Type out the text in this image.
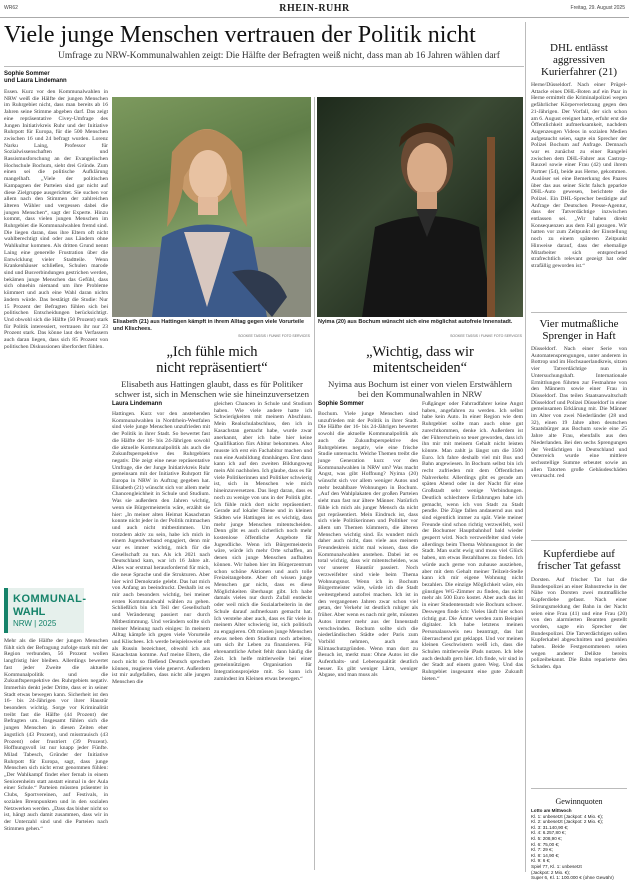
WR62	RHEIN-RUHR	Freitag, 29. August 2025
Viele junge Menschen vertrauen der Politik nicht
Umfrage zu NRW-Kommunalwahlen zeigt: Die Hälfte der Befragten weiß nicht, dass man ab 16 Jahren wählen darf
Sophie Sommer
und Laura Lindemann
Essen. Kurz vor den Kommunalwahlen in NRW weiß die Hälfte der jungen Menschen im Ruhrgebiet nicht, dass man bereits ab 16 Jahren seine Stimme abgeben darf. Das zeigt eine repräsentative Civey-Umfrage des Jungen Initiativkreis Ruhr und der Initiative Ruhrpott für Europa, für die 500 Menschen zwischen 16 und 24 befragt wurden. Lorenz Narku Laing, Professor für Sozialwissenschaften und Rassismusforschung an der Evangelischen Hochschule Bochum, sieht drei Gründe. Zum einen sei die politische Aufklärung mangelhaft. „Viele der politischen Kampagnen der Parteien sind gar nicht auf diese Zielgruppe ausgerichtet. Sie suchen vor allem nach den Stimmen der zahlreichen älteren Wähler und vergessen dabei die jungen Menschen“, sagt der Experte. Hinzu kommt, dass vielen jungen Menschen im Ruhrgebiet die Kommunalwahlen fremd sind. Die liegen daran, dass ihre Eltern oft nicht wahlberechtigt sind oder aus Ländern ohne Wahlkultur kommen. Als dritten Grund nennt Laing eine generelle Frustration über die Entwicklung vieler Stadtteile. Wenn Krankenhäuser schließen, Schulen marode sind und Busverbindungen gestrichen werden, bekämen junge Menschen das Gefühl, dass sich ohnehin niemand um ihre Probleme kümmert und auch eine Wahl daran nichts ändern würde. Das bestätigt die Studie: Nur 15 Prozent der Befragten fühlen sich bei politischen Entscheidungen berücksichtigt. Und obwohl sich die Hälfte (50 Prozent) stark für Politik interessiert, vertrauen ihr nur 23 Prozent stark. Das könne laut den Verfassern auch daran liegen, dass sich 85 Prozent von politischen Diskussionen überfordert fühlen.
KOMMUNAL-
WAHL
NRW | 2025
Mehr als die Hälfte der jungen Menschen fühlt sich der Befragung zufolge stark mit der Region verbunden, 56 Prozent wollen langfristig hier bleiben. Allerdings bewertet fast jeder Zweite die aktuelle Kommunalpolitik und die Zukunftsperspektive des Ruhrgebiets negativ. Immerhin denkt jeder Dritte, dass er in seiner Stadt etwas bewegen kann. Sicherheit ist den 16- bis 24-Jährigen vor ihrer Haustür besonders wichtig. Sorge vor Kriminalität treibt fast die Hälfte (44 Prozent) der Befragten um. Insgesamt fühlen sich die jungen Menschen in diesen Zeiten eher ängstlich (43 Prozent), und misstrauisch (43 Prozent) oder frustriert (39 Prozent). Hoffnungsvoll ist nur knapp jeder Fünfte. Milad Tabesch, Gründer der Initiative Ruhrpott für Europa, sagt, dass junge Menschen sich nicht ernst genommen fühlen: „Der Wahlkampf findet eher fernab in einem Seniorenheim statt anstatt einmal in der Aula einer Schule.“ Parteien müssten präsenter in Clubs, Sportvereinen, auf Festivals, in sozialen Brennpunkten und in den sozialen Netzwerken werden. „Dass das bisher nicht so ist, hängt auch damit zusammen, dass wir in der Unterzahl sind und die Parteien nach Stimmen gehen.“
Elisabeth (21) aus Hattingen kämpft in ihrem Alltag gegen viele Vorurteile und Klischees.
SOOKEE TASSIS / FUNKE FOTO SERVICES
Nyima (20) aus Bochum wünscht sich eine möglichst autofreie Innenstadt.
SOOKEE TASSIS / FUNKE FOTO SERVICES
„Ich fühle mich
nicht repräsentiert“
Elisabeth aus Hattingen glaubt, dass es für Politiker
schwer ist, sich in Menschen wie sie hineinzuversetzen
„Wichtig, dass wir
mitentscheiden“
Nyima aus Bochum ist einer von vielen Erstwählern
bei den Kommunalwahlen in NRW
Laura Lindemann
Hattingen. Kurz vor den anstehenden Kommunalwahlen in Nordrhein-Westfalen sind viele junge Menschen unzufrieden mit der Politik in ihrer Stadt. So bewertet fast die Hälfte der 16- bis 24-Jährigen sowohl die aktuelle Kommunalpolitik als auch die Zukunftsperspektive des Ruhrgebiets negativ. Die zeigt eine neue repräsentative Umfrage, die der Junge Initiativkreis Ruhr gemeinsam mit der Initiative Ruhrpott für Europa in NRW in Auftrag gegeben hat. Elisabeth (21) wünscht sich vor allem mehr Chancengleichheit in Schule und Studium. Was sie außerdem den Jahren wichtig, wenn sie Bürgermeisterin wäre, erzählt sie hier: „In meiner alten Heimat Kasachstan konnte nicht jeder in der Politik mitmachen und auch nicht mitbestimmen. Um trotzdem aktiv zu sein, habe ich mich in einem Jugendverband engagiert, denn mir war es immer wichtig, mich für die Gesellschaft zu tun. Als ich 2021 nach Deutschland kam, war ich 16 Jahre alt. Alles war erstmal herausfordernd für mich, die neue Sprache und die Strukturen. Aber hier wird Demokratie gelebt. Das hat mich von Anfang an beeindruckt. Deshalb ist es mir auch besonders wichtig, bei meiner ersten Kommunalwahl wählen zu gehen. Schließlich bin ich Teil der Gesellschaft und Veränderung passiert nur durch Mitbestimmung. Und verändern sollte sich meiner Meinung nach einiges: In meinem Alltag kämpfe ich gegen viele Vorurteile und Klischees. Ich werde beispielsweise oft als Russin bezeichnet, obwohl ich aus Kasachstan komme. Auf meine Eltern, die noch nicht so fließend Deutsch sprechen können, reagieren viele genervt. Außerdem ist mir aufgefallen, dass nicht alle jungen Menschen die
gleichen Chancen in Schule und Studium haben. Wie viele andere hatte ich Schwierigkeiten mit meinem Abschluss. Mein Realschulabschluss, den ich in Kasachstan gemacht habe, wurde zwar anerkannt, aber ich habe hier keine Qualifikation fürs Abitur bekommen. Also musste ich erst ein Fachabitur machen und nun eine Ausbildung dranhängen. Erst dann kann ich auf den zweiten Bildungsweg mein Abi nachholen. Ich glaube, dass es für viele Politikerinnen und Politiker schwierig ist, sich in Menschen wie mich hineinzuversetzen. Das liegt daran, dass es noch zu wenige von uns in der Politik gibt. Ich fühle mich dort nicht repräsentiert. Gerade auf lokaler Ebene und in kleinen Städten wie Hattingen ist es wichtig, dass mehr junge Menschen mitentscheiden. Denn gibt es auch sicherlich noch mehr kostenlose öffentliche Angebote für Jugendliche. Wenn ich Bürgermeisterin wäre, würde ich mehr Orte schaffen, an denen sich junge Menschen aufhalten können. Wir haben hier im Bürgerzentrum schon schöne Aktionen und auch tolle Freizeitangebote. Aber oft wissen junge Menschen gar nicht, dass es diese Möglichkeiten überhaupt gibt. Ich habe damals vieles nur durch Zufall entdeckt oder weil mich die Sozialarbeiterin in der Schule darauf aufmerksam gemacht hat. Ich verstehe aber auch, dass es für viele in meinem Alter schwierig ist, sich politisch zu engagieren. Oft müssen junge Menschen etwas neben dem Studium noch arbeiten, um sich ihr Leben zu finanzieren. Für ehrenamtliche Arbeit fehlt dann häufig die Zeit. Ich helfe mittlerweile bei einer gemeinnützigen Organisation für Integrationsprojekte mit. So kann ich zumindest im Kleinen etwas bewegen.“
Sophie Sommer
Bochum. Viele junge Menschen sind unzufrieden mit der Politik in ihrer Stadt. Die Hälfte der 16- bis 24-Jährigen bewertet sowohl die aktuelle Kommunalpolitik als auch die Zukunftsperspektive des Ruhrgebietes negativ, wie eine frische Studie untersucht. Welche Themen treibt die junge Generation kurz vor den Kommunalwahlen in NRW um? Was macht Angst, was gibt Hoffnung? Nyima (20) wünscht sich vor allem weniger Autos und mehr bezahlbare Wohnungen in Bochum. „Auf den Wahlplakaten der großen Parteien sieht man fast nur ältere Männer. Natürlich fühle ich mich als junger Mensch da nicht gut repräsentiert. Mein Eindruck ist, dass sich viele Politikerinnen und Politiker vor allem um Themen kümmern, die älteren Menschen wichtig sind. Es wundert mich daher auch nicht, dass viele aus meinem Freundeskreis nicht mal wissen, dass die Kommunalwahlen anstehen. Dabei ist es total wichtig, dass wir mitentscheiden, was vor unserer Haustür passiert. Noch verzweifelter sind viele beim Thema Wohnungsnot. Wenn ich in Bochum Bürgermeister wäre, würde ich die Stadt weitestgehend autofrei machen. Ich ist in den vergangenen Jahren zwar schon viel getan, der Verkehr ist deutlich ruhiger als früher. Aber wenn es nach mir geht, müssten Autos immer mehr aus der Innenstadt verschwinden. Bochum sollte sich die niederländischen Städte oder Paris zum Vorbild nehmen, auch aus Klimaschutzgründen. Wenn man dort zu Besuch ist, merkt man: Ohne Autos ist die Aufenthalts- und Lebensqualität deutlich besser. Es gibt weniger Lärm, weniger Abgase, und man muss als
Fußgänger oder Fahrradfahrer keine Angst haben, angefahren zu werden. Ich selbst habe kein Auto. In einer Region wie dem Ruhrgebiet sollte man auch ohne gut zurechtkommen, denke ich. Außerdem ist der Führerschein so teuer geworden, dass ich ihn mir mit meinem Gehalt nicht leisten könnte. Man zahlt ja längst um die 3500 Euro. Ich fahre deshalb viel mit Bus und Bahn angewiesen. In Bochum selbst bin ich recht zufrieden mit dem Öffentlichen Nahverkehr. Allerdings gibt es gerade am späten Abend oder in der Nacht für eine Großstadt sehr wenige Verbindungen. Deutlich schlechtere Erfahrungen habe ich gemacht, wenn ich von Stadt zu Stadt pendle. Die Züge fallen andauernd aus und sind eigentlich immer zu spät. Viele meiner Freunde sind schon richtig verzweifelt, weil der Bochumer Hauptbahnhof bald wieder gesperrt wird. Noch verzweifelter sind viele allerdings beim Thema Wohnungsnot in der Stadt. Man sucht ewig und muss viel Glück haben, um etwas Bezahlbares zu finden. Ich würde auch gerne von zuhause ausziehen, aber mit dem Gehalt meiner Teilzeit-Stelle kann ich mir eigene Wohnung nicht bezahlen. Die einzige Möglichkeit wäre, ein günstiges WG-Zimmer zu finden, das nicht mehr als 500 Euro kostet. Aber auch das ist in einer Studentenstadt wie Bochum schwer. Deswegen finde ich: Vieles läuft hier schon richtig gut. Die Ämter werden zum Beispiel digitaler. Ich habe letztens meinen Personalausweis neu beantragt, das hat überraschend gut geklappt. Und vor meinen kleinen Geschwistern weiß ich, dass die Schulen mittlerweile iPads nutzen. Ich lebe auch deshalb gern hier. Ich finde, wir sind in der Stadt auf einem guten Weg. Und das Ruhrgebiet insgesamt eine gute Zukunft bieten.“
DHL entlässt
aggressiven
Kurierfahrer (21)
Herne/Düsseldorf. Nach einer Prügel-Attacke eines DHL-Boten auf ein Paar in Herne ermittelt die Kriminalpolizei wegen gefährlicher Körperverletzung gegen den 21-Jährigen. Der Vorfall, der sich schon am 6. August ereignet hatte, erfuhr erst die Öffentlichkeit aufmerksamkeit, nachdem Augenzeugen Videos in sozialen Medien aufgetaucht seien, sagte ein Sprecher der Polizei Bochum auf Anfrage. Demnach war es zunächst zu einer Rangelei zwischen dem DHL-Fahrer aus Castrop-Rauxel sowie einer Frau (42) und ihrem Partner (54), beide aus Herne, gekommen. Auslöser sei eine Bemerkung des Paares über das aus seiner Sicht falsch geparkte DHL-Auto gewesen, berichtete die Polizei. Ein DHL-Sprecher bestätigte auf Anfrage der Deutschen Presse-Agentur, dass der Tatverdächtige inzwischen entlassen sei. „Wir haben direkt Konsequenzen aus dem Fall gezogen. Wir hatten vor zum Zeitpunkt der Einstellung noch zu einem späteren Zeitpunkt Hinweise darauf, dass der ehemalige Mitarbeiter sich entsprechend strafrechtlich relevant gezeigt hat oder strafällig geworden ist.“
Vier mutmaßliche
Sprenger in Haft
Düsseldorf. Nach einer Serie von Automatensprengungen, unter anderem in Bottrop und im Hochsauerlandkreis, sitzen vier Tatverdächtige nun in Untersuchungshaft. Internationale Ermittlungen führten zur Festnahme von den Männern sowie einer Frau in Düsseldorf. Das teilen Staatsanwaltschaft Düsseldorf und Polizei Düsseldorf in einer gemeinsamen Erklärung mit. Die Männer im Alter von zwei Niederländer (28 und 32), einen 19 Jahre alten deutschen Staatsbürger aus Bochum sowie eine 25 Jahre alte Frau, ebenfalls aus den Niederlanden. Bei den sechs Sprengungen der Verdächtigen in Deutschland und Österreich wurde eine mittlere sechsstellige Summe erbeutet sowie an allen Tatorten große Gebäudeschäden verursacht. red
Kupferdiebe auf
frischer Tat gefasst
Dorsten. Auf frischer Tat hat die Bundespolizei an einer Bahnstrecke in der Nähe von Dorsten zwei mutmaßliche Kupferdiebe gefasst. Nach einer Störungsmeldung der Bahn in der Nacht seien eine Frau (41) und eine Frau (20) von den alarmierten Beamten gestellt worden, sagte ein Sprecher der Bundespolizei. Die Tatverdächtigen sollen Kupferkabel abgeschnitten und gestohlen haben. Beide Festgenommenen seien wegen anderer Delikte bereits polizeibekannt. Die Bahn reparierte den Schaden. dpa
Gewinnquoten
Lotto am Mittwoch
Kl. 1: unbesetzt (Jackpot: 4 Mio. €);
Kl. 2: unbesetzt (Jackpot: 2 Mio. €);
Kl. 3: 31.140,90 €;
Kl. 4: 6.257,80 €;
Kl. 5: 208,90 €;
Kl. 6: 75,00 €;
Kl. 7: 29 €;
Kl. 8: 14,90 €;
Kl. 9: 6 €;
Spiel 77, Kl. 1: unbesetzt
(Jackpot: 2 Mio. €);
Super 6, Kl. 1: 100.000 € (ohne Gewähr)
